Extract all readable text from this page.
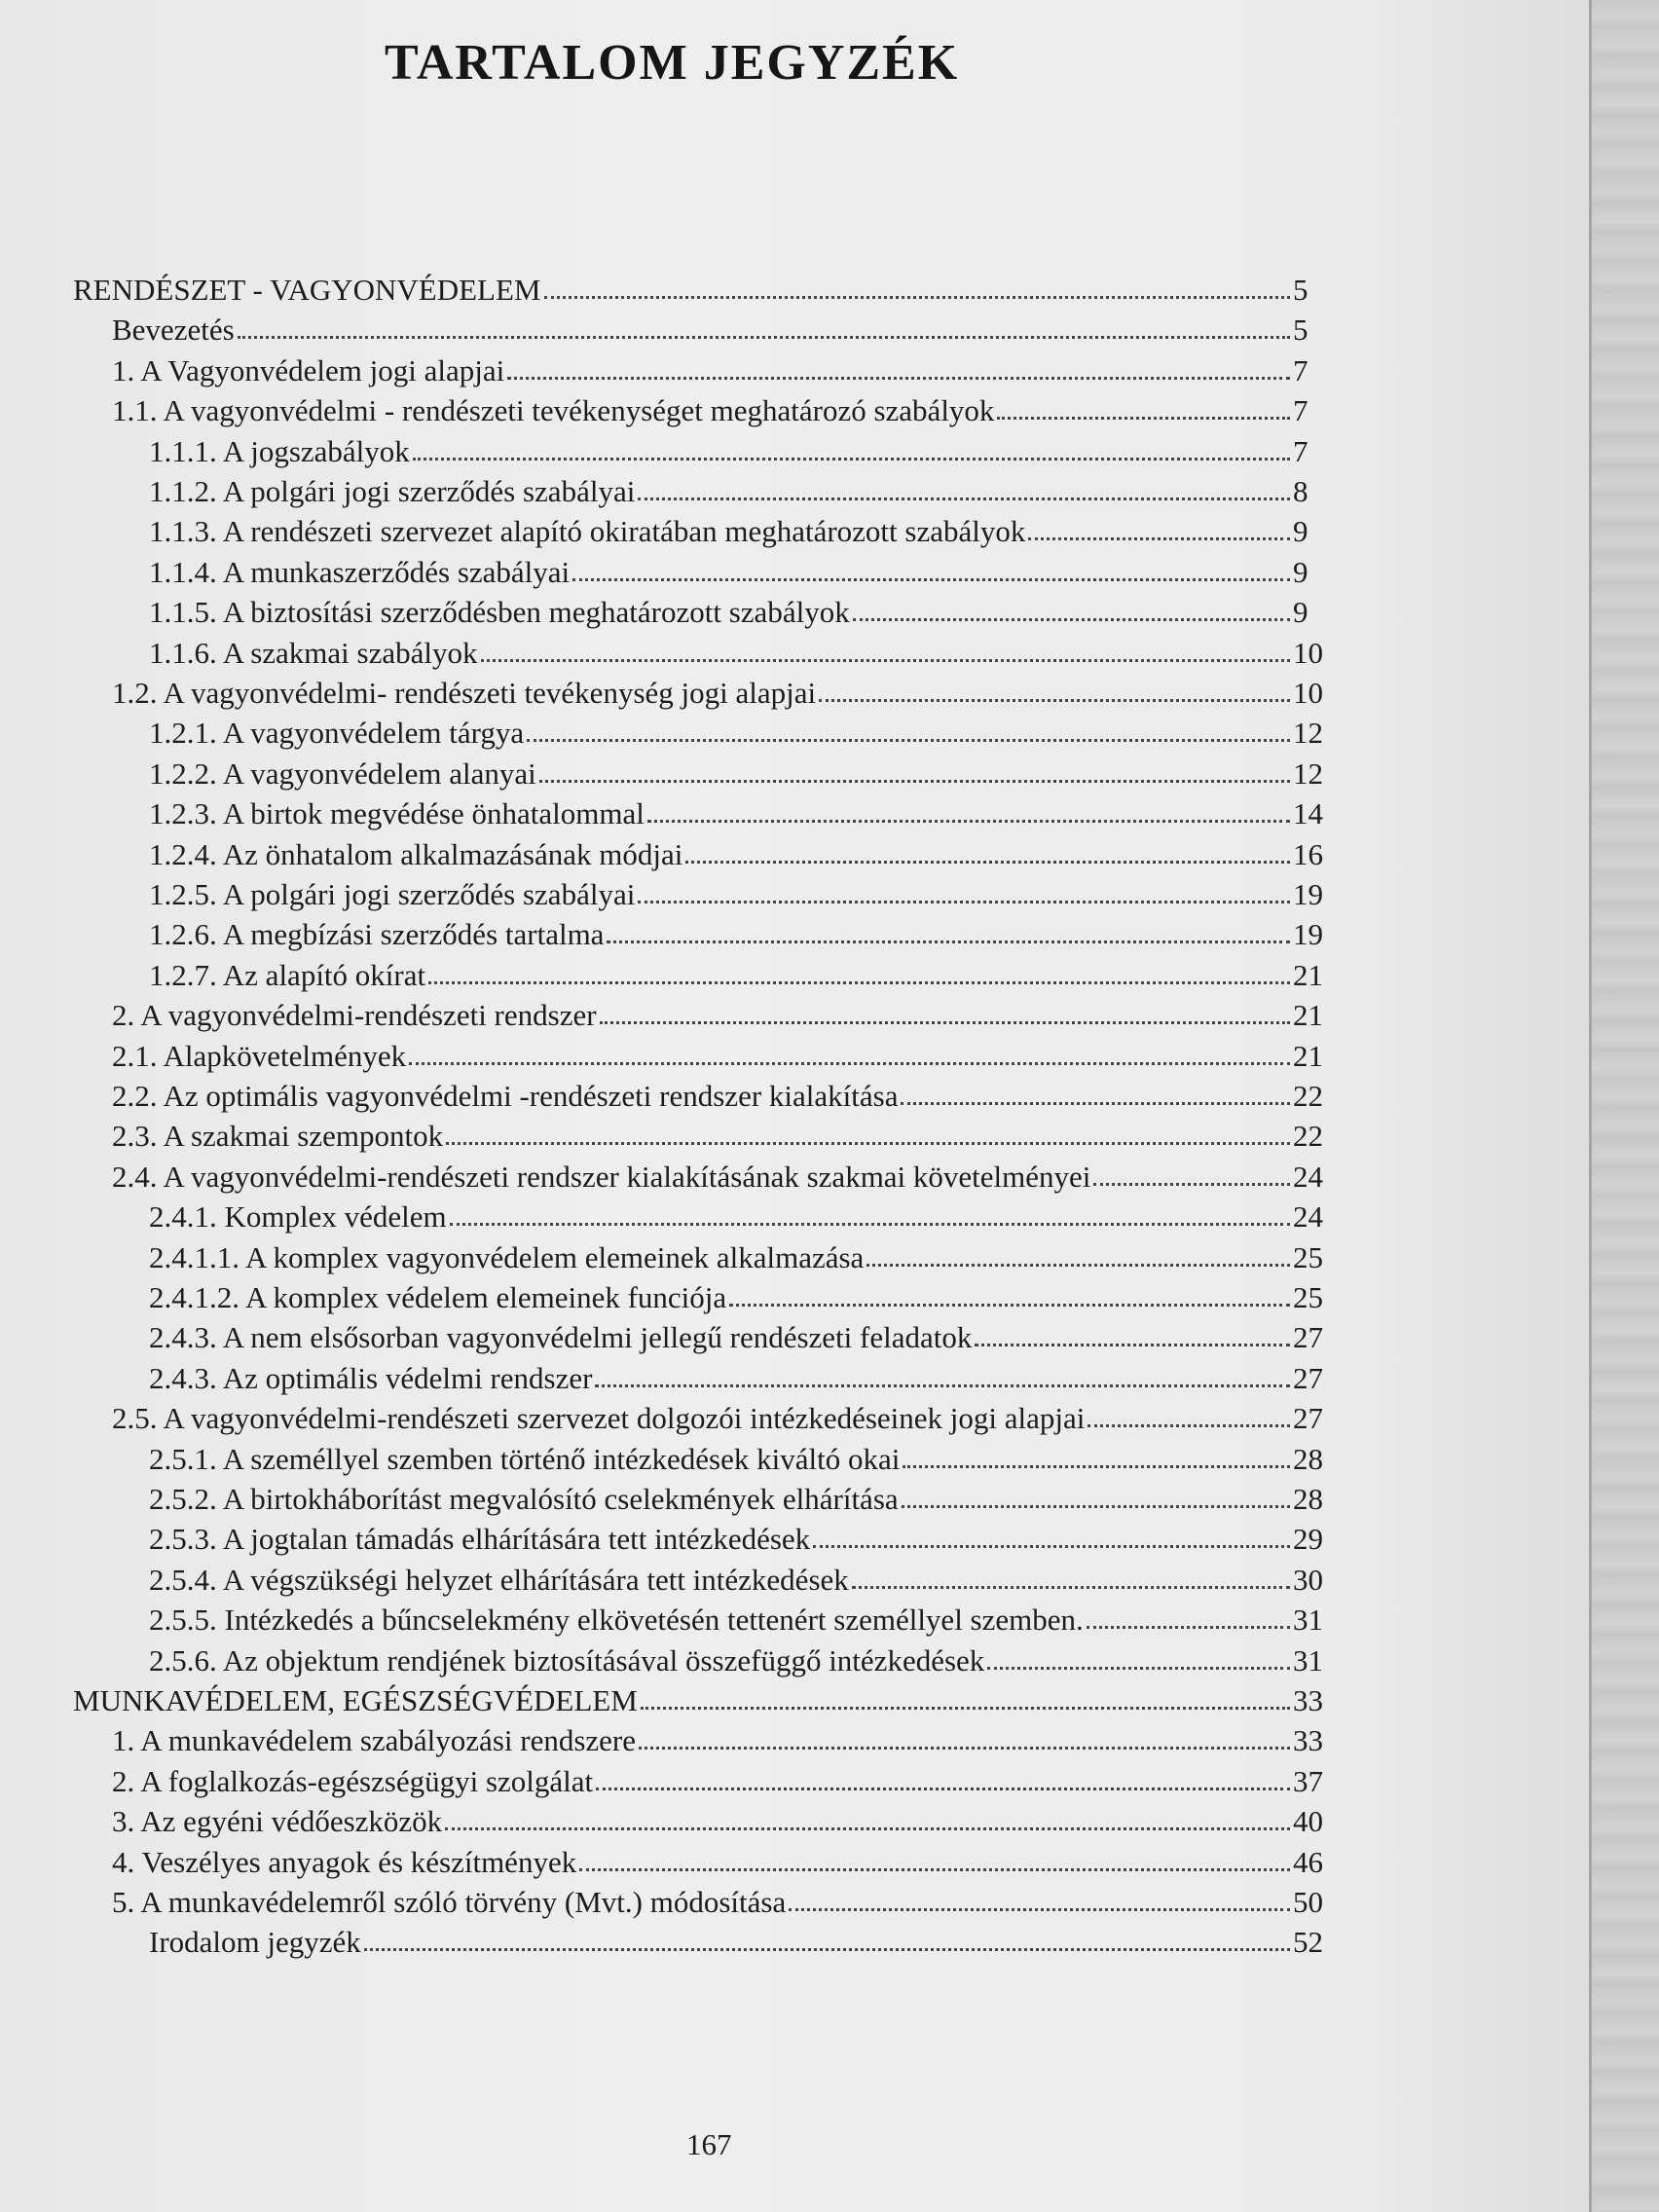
TARTALOM JEGYZÉK
RENDÉSZET - VAGYONVÉDELEM	5
Bevezetés	5
1. A Vagyonvédelem jogi alapjai	7
1.1. A vagyonvédelmi - rendészeti tevékenységet meghatározó szabályok	7
1.1.1. A jogszabályok	7
1.1.2. A polgári jogi szerződés szabályai	8
1.1.3. A rendészeti szervezet alapító okiratában meghatározott szabályok	9
1.1.4. A munkaszerződés szabályai	9
1.1.5. A biztosítási szerződésben meghatározott szabályok	9
1.1.6. A szakmai szabályok	10
1.2. A vagyonvédelmi- rendészeti tevékenység jogi alapjai	10
1.2.1. A vagyonvédelem tárgya	12
1.2.2. A vagyonvédelem alanyai	12
1.2.3. A birtok megvédése önhatalommal	14
1.2.4. Az önhatalom alkalmazásának módjai	16
1.2.5. A polgári jogi szerződés szabályai	19
1.2.6. A megbízási szerződés tartalma	19
1.2.7. Az alapító okírat	21
2. A vagyonvédelmi-rendészeti rendszer	21
2.1. Alapkövetelmények	21
2.2. Az optimális vagyonvédelmi -rendészeti rendszer kialakítása	22
2.3. A szakmai szempontok	22
2.4. A vagyonvédelmi-rendészeti rendszer kialakításának szakmai követelményei	24
2.4.1. Komplex védelem	24
2.4.1.1. A komplex vagyonvédelem elemeinek alkalmazása	25
2.4.1.2. A komplex védelem elemeinek funciója	25
2.4.3. A nem elsősorban vagyonvédelmi jellegű rendészeti feladatok	27
2.4.3. Az optimális védelmi rendszer	27
2.5. A vagyonvédelmi-rendészeti szervezet dolgozói intézkedéseinek jogi alapjai	27
2.5.1. A személlyel szemben történő intézkedések kiváltó okai	28
2.5.2. A birtokháborítást megvalósító cselekmények elhárítása	28
2.5.3. A jogtalan támadás elhárítására tett intézkedések	29
2.5.4. A végszükségi helyzet elhárítására tett intézkedések	30
2.5.5. Intézkedés a bűncselekmény elkövetésén tettenért személlyel szemben.	31
2.5.6. Az objektum rendjének biztosításával összefüggő intézkedések	31
MUNKAVÉDELEM, EGÉSZSÉGVÉDELEM	33
1. A munkavédelem szabályozási rendszere	33
2. A foglalkozás-egészségügyi szolgálat	37
3. Az egyéni védőeszközök	40
4. Veszélyes anyagok és készítmények	46
5. A munkavédelemről szóló törvény (Mvt.) módosítása	50
Irodalom jegyzék	52
167
